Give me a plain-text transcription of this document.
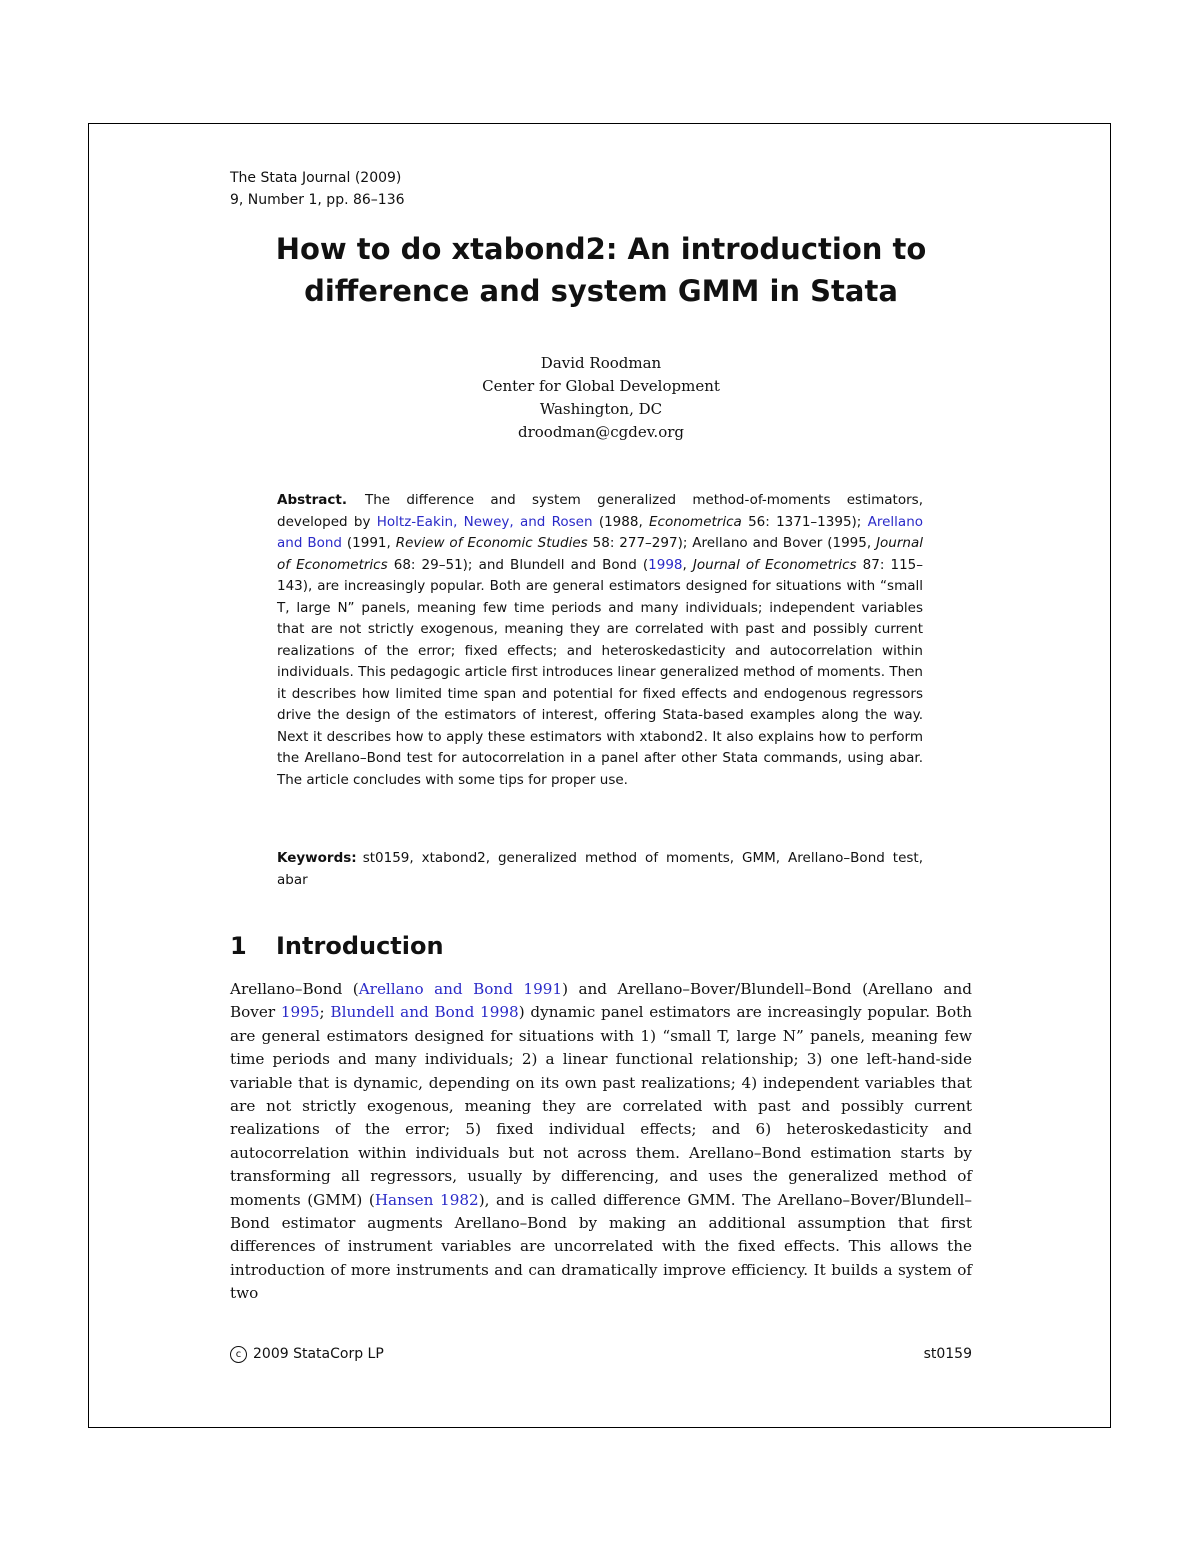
The Stata Journal (2009)
9, Number 1, pp. 86–136
How to do xtabond2: An introduction to
difference and system GMM in Stata
David Roodman
Center for Global Development
Washington, DC
droodman@cgdev.org
Abstract. The difference and system generalized method-of-moments estimators, developed by Holtz-Eakin, Newey, and Rosen (1988, Econometrica 56: 1371–1395); Arellano and Bond (1991, Review of Economic Studies 58: 277–297); Arellano and Bover (1995, Journal of Econometrics 68: 29–51); and Blundell and Bond (1998, Journal of Econometrics 87: 115–143), are increasingly popular. Both are general estimators designed for situations with “small T, large N” panels, meaning few time periods and many individuals; independent variables that are not strictly exogenous, meaning they are correlated with past and possibly current realizations of the error; fixed effects; and heteroskedasticity and autocorrelation within individuals. This pedagogic article first introduces linear generalized method of moments. Then it describes how limited time span and potential for fixed effects and endogenous regressors drive the design of the estimators of interest, offering Stata-based examples along the way. Next it describes how to apply these estimators with xtabond2. It also explains how to perform the Arellano–Bond test for autocorrelation in a panel after other Stata commands, using abar. The article concludes with some tips for proper use.
Keywords: st0159, xtabond2, generalized method of moments, GMM, Arellano–Bond test, abar
1 Introduction
Arellano–Bond (Arellano and Bond 1991) and Arellano–Bover/Blundell–Bond (Arellano and Bover 1995; Blundell and Bond 1998) dynamic panel estimators are increasingly popular. Both are general estimators designed for situations with 1) “small T, large N” panels, meaning few time periods and many individuals; 2) a linear functional relationship; 3) one left-hand-side variable that is dynamic, depending on its own past realizations; 4) independent variables that are not strictly exogenous, meaning they are correlated with past and possibly current realizations of the error; 5) fixed individual effects; and 6) heteroskedasticity and autocorrelation within individuals but not across them. Arellano–Bond estimation starts by transforming all regressors, usually by differencing, and uses the generalized method of moments (GMM) (Hansen 1982), and is called difference GMM. The Arellano–Bover/Blundell–Bond estimator augments Arellano–Bond by making an additional assumption that first differences of instrument variables are uncorrelated with the fixed effects. This allows the introduction of more instruments and can dramatically improve efficiency. It builds a system of two
c 2009 StataCorp LP	st0159
